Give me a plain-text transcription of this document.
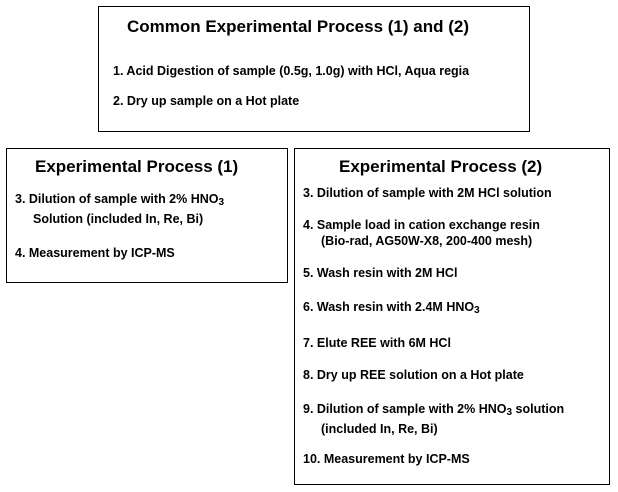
Common Experimental Process (1) and (2)
1. Acid Digestion of sample (0.5g, 1.0g) with HCl, Aqua regia
2. Dry up sample on a Hot plate
Experimental Process (1)
3. Dilution of sample with 2% $HNO_3$
Solution (included In, Re, Bi)
4. Measurement by ICP-MS
Experimental Process (2)
3. Dilution of sample with 2M HCl solution
4. Sample load in cation exchange resin
(Bio-rad, AG50W-X8, 200-400 mesh)
5. Wash resin with 2M HCl
6. Wash resin with 2.4M $HNO_3$
7. Elute REE with 6M HCl
8. Dry up REE solution on a Hot plate
9. Dilution of sample with 2% $HNO_3$ solution
(included In, Re, Bi)
10. Measurement by ICP-MS
